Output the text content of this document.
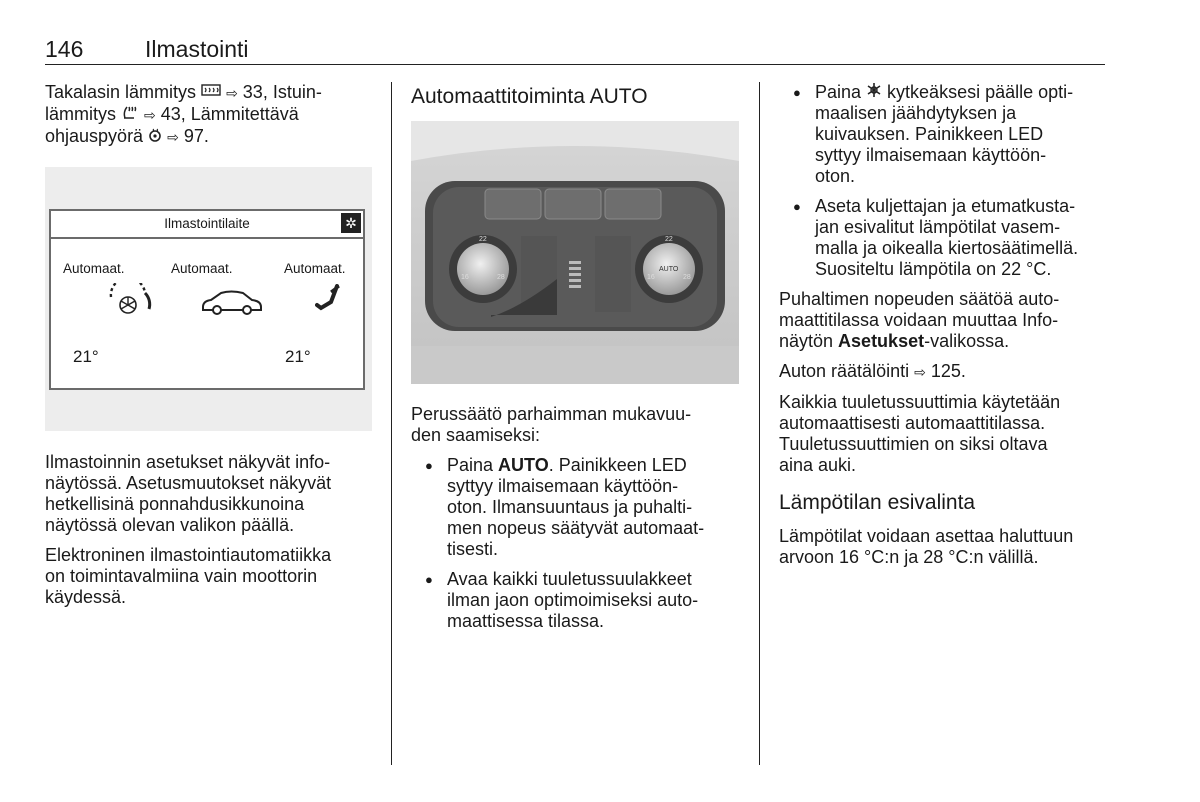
146	Ilmastointi

Takalasin lämmitys  ⇨ 33, Istuin-
lämmitys  ⇨ 43, Lämmitettävä
ohjauspyörä  ⇨ 97.

Ilmastointilaite	✲
Automaat.	Automaat.	Automaat.
21°	21°

Ilmastoinnin asetukset näkyvät info-
näytössä. Asetusmuutokset näkyvät
hetkellisinä ponnahdusikkunoina
näytössä olevan valikon päällä.

Elektroninen ilmastointiautomatiikka
on toimintavalmiina vain moottorin
käydessä.

Automaattitoiminta AUTO
16	28
22
16	28
22
AUTO

Perussäätö parhaimman mukavuu-
den saamiseksi:

● Paina AUTO. Painikkeen LED
syttyy ilmaisemaan käyttöön-
oton. Ilmansuuntaus ja puhalti-
men nopeus säätyvät automaat-
tisesti.
● Avaa kaikki tuuletussuulakkeet
ilman jaon optimoimiseksi auto-
maattisessa tilassa.
● Paina  kytkeäksesi päälle opti-
maalisen jäähdytyksen ja
kuivauksen. Painikkeen LED
syttyy ilmaisemaan käyttöön-
oton.
● Aseta kuljettajan ja etumatkusta-
jan esivalitut lämpötilat vasem-
malla ja oikealla kiertosäätimellä.
Suositeltu lämpötila on 22 °C.

Puhaltimen nopeuden säätöä auto-
maattitilassa voidaan muuttaa Info-
näytön Asetukset-valikossa.

Auton räätälöinti ⇨ 125.

Kaikkia tuuletussuuttimia käytetään
automaattisesti automaattitilassa.
Tuuletussuuttimien on siksi oltava
aina auki.

Lämpötilan esivalinta

Lämpötilat voidaan asettaa haluttuun
arvoon 16 °C:n ja 28 °C:n välillä.
